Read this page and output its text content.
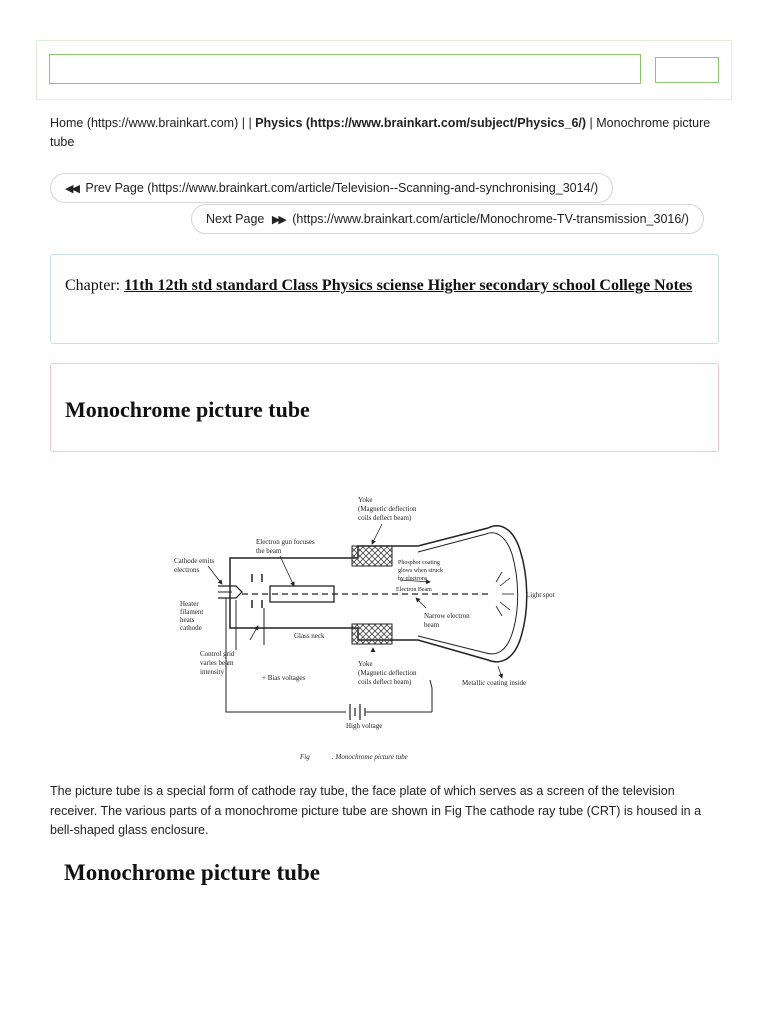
Home (https://www.brainkart.com) | | Physics (https://www.brainkart.com/subject/Physics_6/) | Monochrome picture tube
◀◀ Prev Page (https://www.brainkart.com/article/Television--Scanning-and-synchronising_3014/)
Next Page ▶▶ (https://www.brainkart.com/article/Monochrome-TV-transmission_3016/)
Chapter: 11th 12th std standard Class Physics sciense Higher secondary school College Notes
Monochrome picture tube
Yoke
(Magnetic deflection
coils deflect beam)
Electron gun focuses
the beam
Cathode emits
electrons
Heater
filament
heats
cathode
Phosphor coating
glows when struck
by electrons
Electron Beam
Light spot
Narrow electron
beam
Glass neck
Control grid
varies beam
intensity
+ Bias voltages
Yoke
(Magnetic deflection
coils deflect beam)	Metallic coating inside
High voltage
Fig	. Monochrome picture tube
The picture tube is a special form of cathode ray tube, the face plate of which serves as a screen of the television receiver. The various parts of a monochrome picture tube are shown in Fig The cathode ray tube (CRT) is housed in a bell-shaped glass enclosure.
Monochrome picture tube
